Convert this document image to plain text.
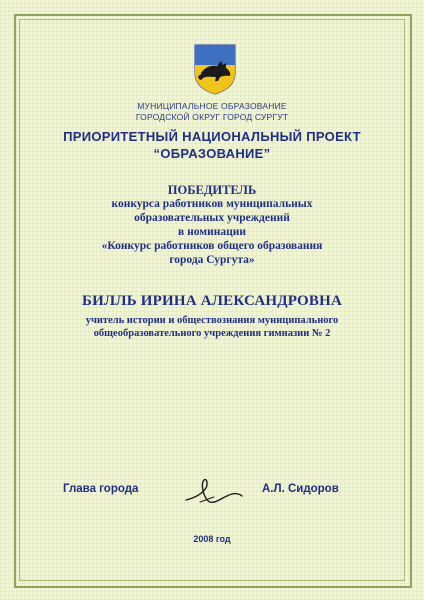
МУНИЦИПАЛЬНОЕ ОБРАЗОВАНИЕ
ГОРОДСКОЙ ОКРУГ ГОРОД СУРГУТ
ПРИОРИТЕТНЫЙ НАЦИОНАЛЬНЫЙ ПРОЕКТ
“ОБРАЗОВАНИЕ”
ПОБЕДИТЕЛЬ
конкурса работников муниципальных
образовательных учреждений
в номинации
«Конкурс работников общего образования
города Сургута»
БИЛЛЬ ИРИНА АЛЕКСАНДРОВНА
учитель истории и обществознания муниципального
общеобразовательного учреждения гимназии № 2
Глава города	А.Л. Сидоров
2008 год
